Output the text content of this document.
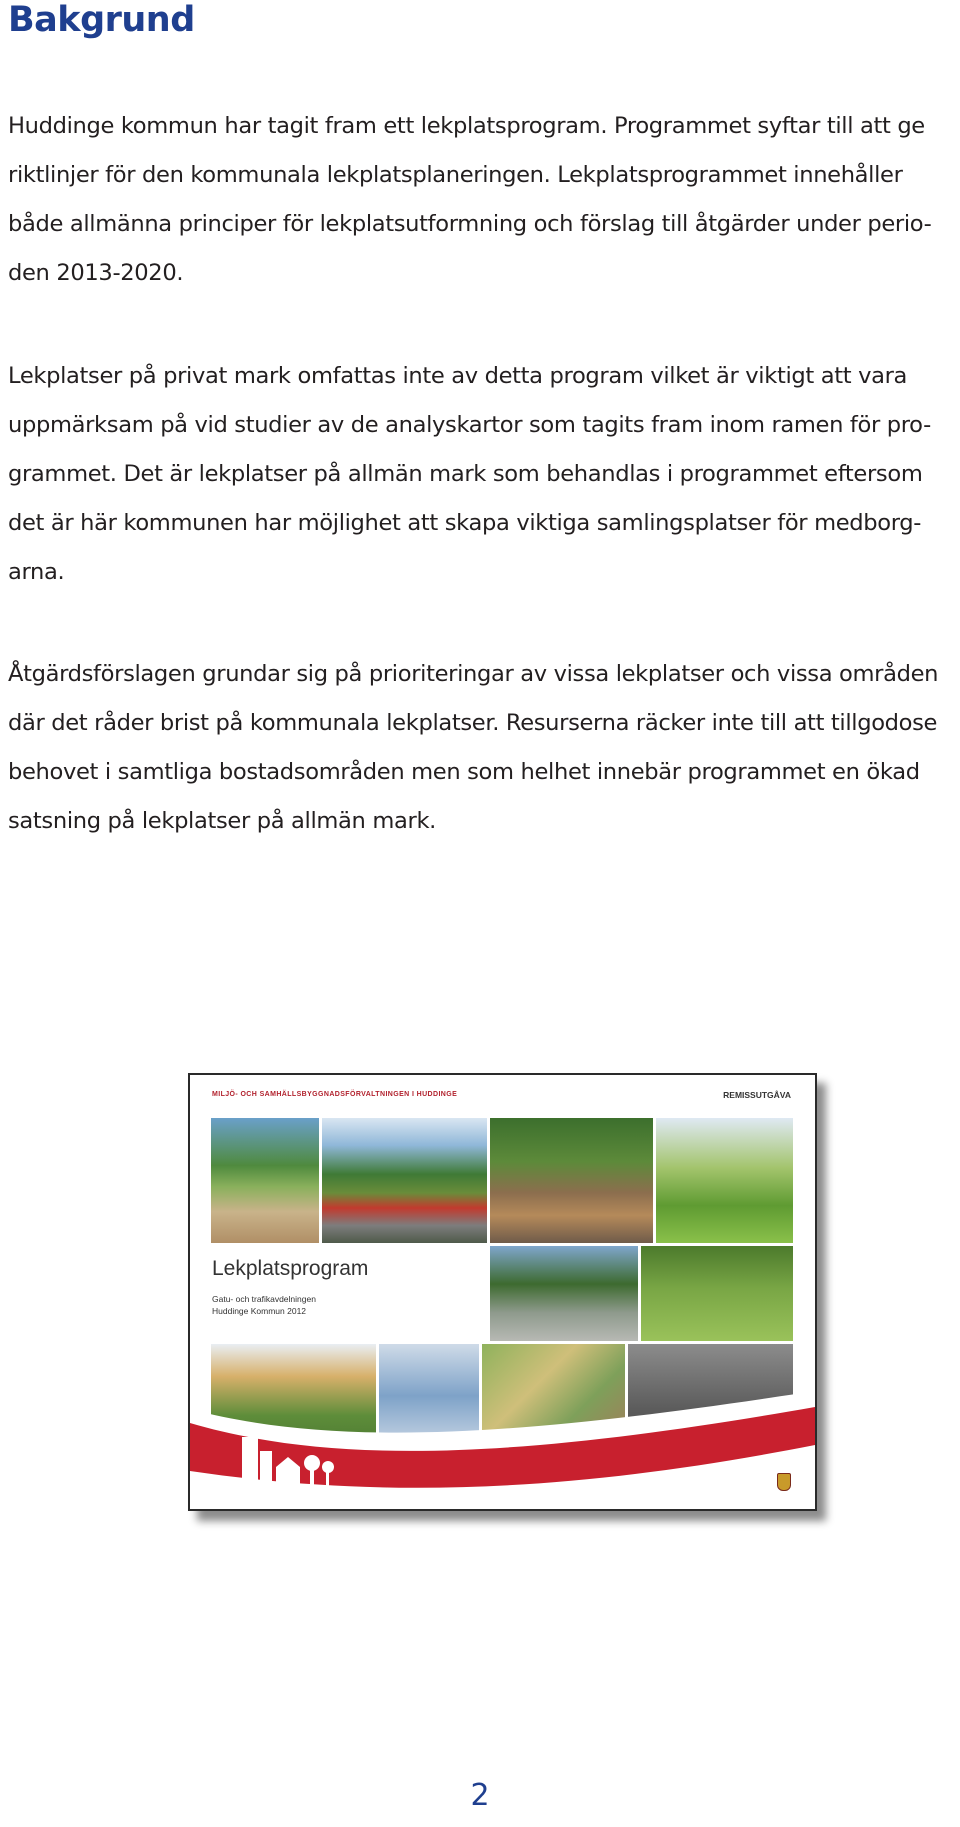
Bakgrund
Huddinge kommun har tagit fram ett lekplatsprogram. Programmet syftar till att ge
riktlinjer för den kommunala lekplatsplaneringen. Lekplatsprogrammet innehåller
både allmänna principer för lekplatsutformning och förslag till åtgärder under perio-
den 2013-2020.
Lekplatser på privat mark omfattas inte av detta program vilket är viktigt att vara
uppmärksam på vid studier av de analyskartor som tagits fram inom ramen för pro-
grammet. Det är lekplatser på allmän mark som behandlas i programmet eftersom
det är här kommunen har möjlighet att skapa viktiga samlingsplatser för medborg-
arna.
Åtgärdsförslagen grundar sig på prioriteringar av vissa lekplatser och vissa områden
där det råder brist på kommunala lekplatser. Resurserna räcker inte till att tillgodose
behovet i samtliga bostadsområden men som helhet innebär programmet en ökad
satsning på lekplatser på allmän mark.
MILJÖ- OCH SAMHÄLLSBYGGNADSFÖRVALTNINGEN I HUDDINGE	REMISSUTGÅVA
Lekplatsprogram
Gatu- och trafikavdelningen
Huddinge Kommun 2012
2
